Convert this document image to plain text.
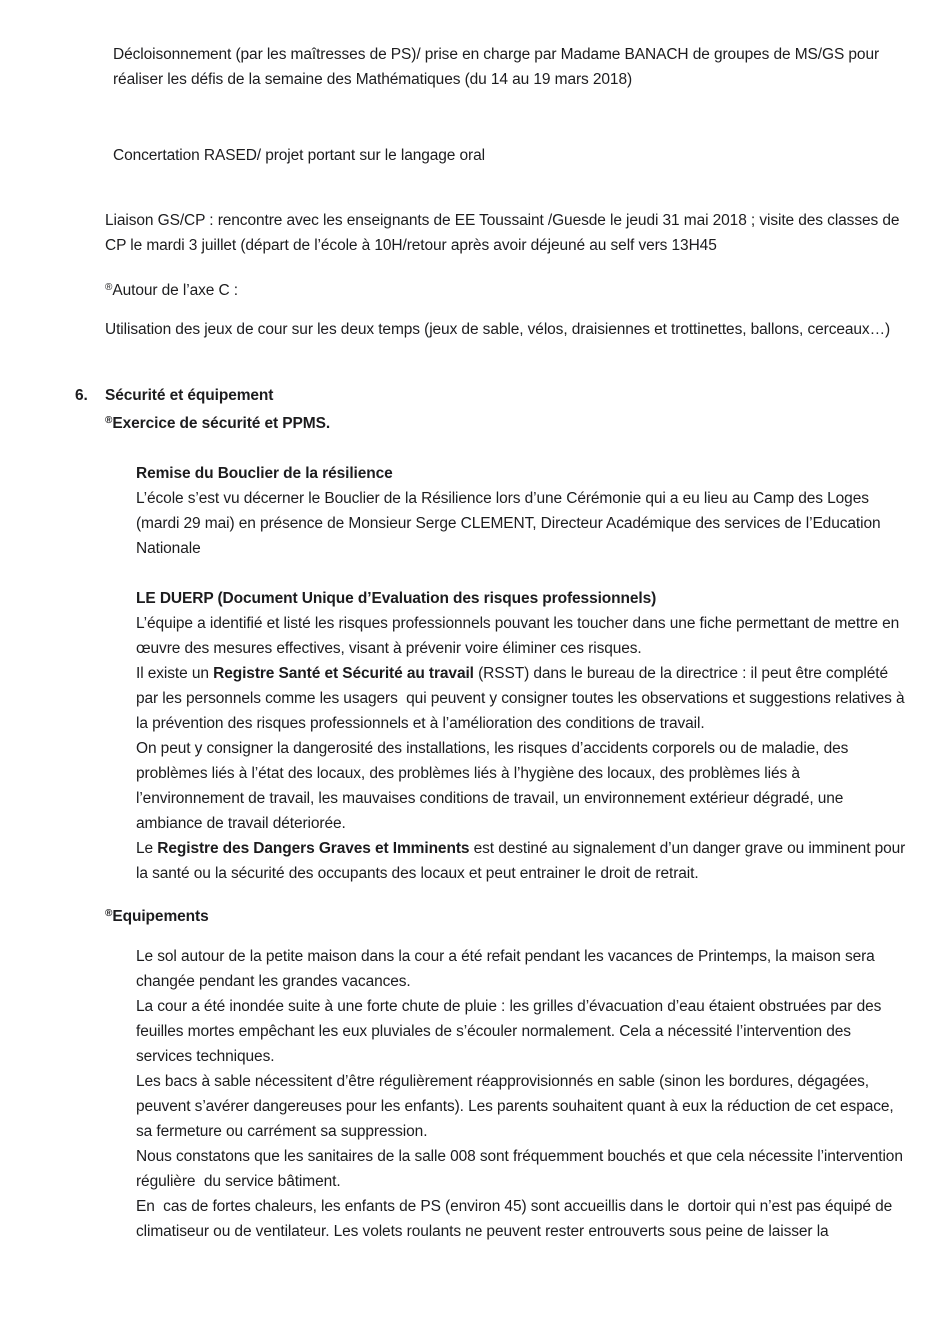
Décloisonnement (par les maîtresses de PS)/ prise en charge par Madame BANACH de groupes de MS/GS pour réaliser les défis de la semaine des Mathématiques (du 14 au 19 mars 2018)
Concertation RASED/ projet portant sur le langage oral
Liaison GS/CP : rencontre avec les enseignants de EE Toussaint /Guesde le jeudi 31 mai 2018 ; visite des classes de CP le mardi 3 juillet (départ de l’école à 10H/retour après avoir déjeuné au self vers 13H45
®Autour de l’axe C :
Utilisation des jeux de cour sur les deux temps (jeux de sable, vélos, draisiennes et trottinettes, ballons, cerceaux…)
6.	Sécurité et équipement
®Exercice de sécurité et PPMS.
Remise du Bouclier de la résilience
L’école s’est vu décerner le Bouclier de la Résilience lors d’une Cérémonie qui a eu lieu au Camp des Loges (mardi 29 mai) en présence de Monsieur Serge CLEMENT, Directeur Académique des services de l’Education Nationale
LE DUERP (Document Unique d’Evaluation des risques professionnels)
L’équipe a identifié et listé les risques professionnels pouvant les toucher dans une fiche permettant de mettre en œuvre des mesures effectives, visant à prévenir voire éliminer ces risques.
Il existe un Registre Santé et Sécurité au travail (RSST) dans le bureau de la directrice : il peut être complété par les personnels comme les usagers  qui peuvent y consigner toutes les observations et suggestions relatives à la prévention des risques professionnels et à l’amélioration des conditions de travail.
On peut y consigner la dangerosité des installations, les risques d’accidents corporels ou de maladie, des problèmes liés à l’état des locaux, des problèmes liés à l’hygiène des locaux, des problèmes liés à l’environnement de travail, les mauvaises conditions de travail, un environnement extérieur dégradé, une ambiance de travail déteriorée.
Le Registre des Dangers Graves et Imminents est destiné au signalement d’un danger grave ou imminent pour la santé ou la sécurité des occupants des locaux et peut entrainer le droit de retrait.
®Equipements
Le sol autour de la petite maison dans la cour a été refait pendant les vacances de Printemps, la maison sera changée pendant les grandes vacances.
La cour a été inondée suite à une forte chute de pluie : les grilles d’évacuation d’eau étaient obstruées par des feuilles mortes empêchant les eux pluviales de s’écouler normalement. Cela a nécessité l’intervention des services techniques.
Les bacs à sable nécessitent d’être régulièrement réapprovisionnés en sable (sinon les bordures, dégagées, peuvent s’avérer dangereuses pour les enfants). Les parents souhaitent quant à eux la réduction de cet espace, sa fermeture ou carrément sa suppression.
Nous constatons que les sanitaires de la salle 008 sont fréquemment bouchés et que cela nécessite l’intervention régulière  du service bâtiment.
En  cas de fortes chaleurs, les enfants de PS (environ 45) sont accueillis dans le  dortoir qui n’est pas équipé de climatiseur ou de ventilateur. Les volets roulants ne peuvent rester entrouverts sous peine de laisser la
